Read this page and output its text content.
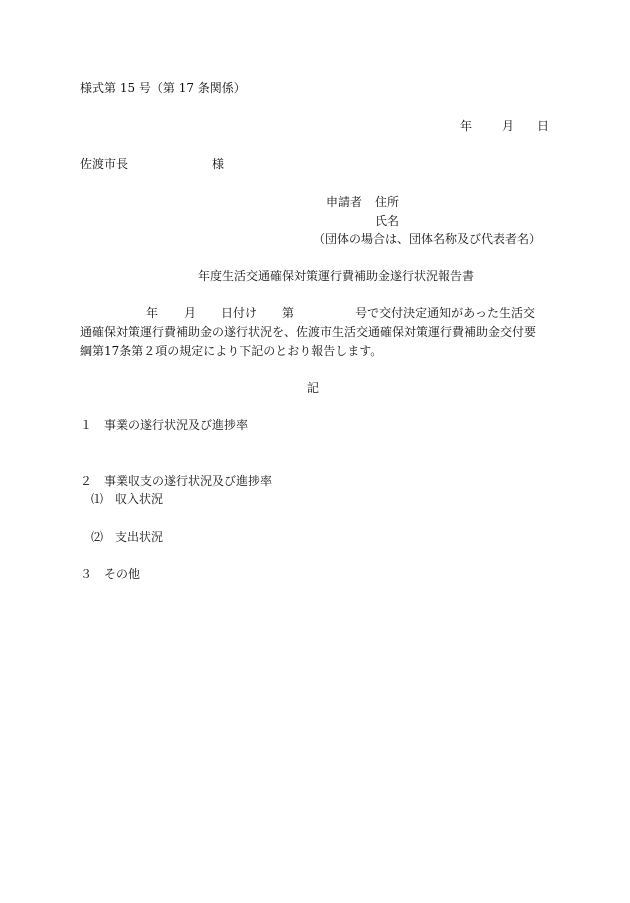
様式第 15 号（第 17 条関係）
年	月 日
佐渡市長	様
申請者 住所
氏名
（団体の場合は、団体名称及び代表者名）
年度生活交通確保対策運行費補助金遂行状況報告書
年 月 日付け 第	号で交付決定通知があった生活交
通確保対策運行費補助金の遂行状況を、佐渡市生活交通確保対策運行費補助金交付要
綱第17条第２項の規定により下記のとおり報告します。
記
１　事業の遂行状況及び進捗率
２　事業収支の遂行状況及び進捗率
⑴　収入状況
⑵　支出状況
３　その他
